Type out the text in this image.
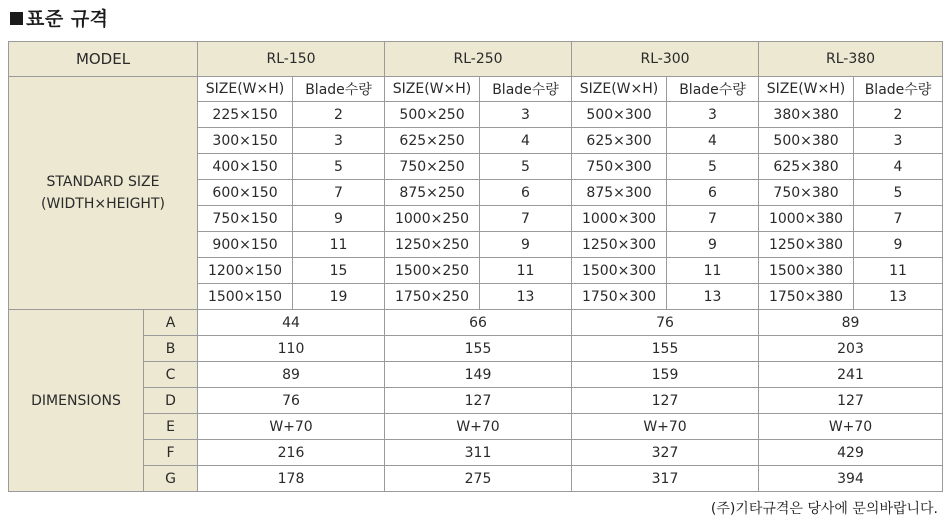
표준 규격
MODEL		RL-150		RL-250		RL-300		RL-380	

STANDARD SIZE
(WIDTH×HEIGHT)		SIZE(W×H)	Blade수량	SIZE(W×H)	Blade수량	SIZE(W×H)	Blade수량	SIZE(W×H)	Blade수량
		225×150	2	500×250	3	500×300	3	380×380	2
		300×150	3	625×250	4	625×300	4	500×380	3
		400×150	5	750×250	5	750×300	5	625×380	4
		600×150	7	875×250	6	875×300	6	750×380	5
		750×150	9	1000×250	7	1000×300	7	1000×380	7
		900×150	11	1250×250	9	1250×300	9	1250×380	9
		1200×150	15	1500×250	11	1500×300	11	1500×380	11
		1500×150	19	1750×250	13	1750×300	13	1750×380	13
DIMENSIONS	A	44		66		76		89	
	B	110		155		155		203	
	C	89		149		159		241	
	D	76		127		127		127	
	E	W+70		W+70		W+70		W+70	
	F	216		311		327		429	
	G	178		275		317		394	
(주)기타규격은 당사에 문의바랍니다.
